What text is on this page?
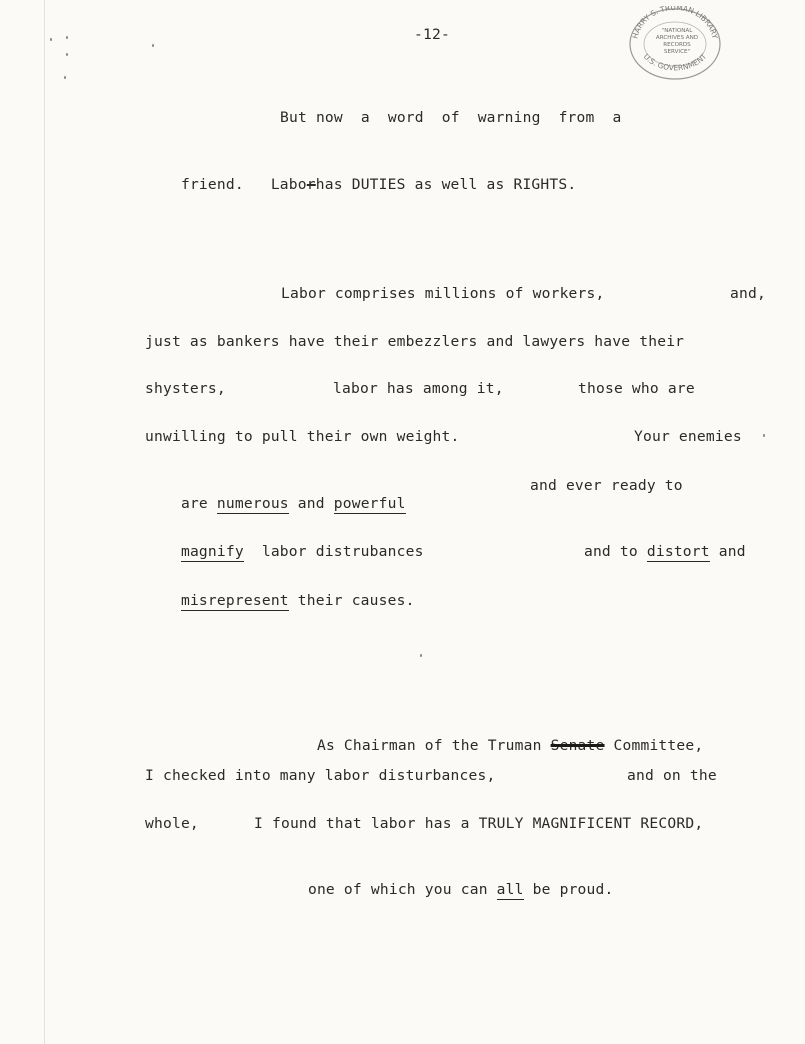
-12-	HARRY S. TRUMAN LIBRARY
U.S. GOVERNMENT
"NATIONAL
ARCHIVES AND
RECORDS
SERVICE"
But now  a  word  of  warning  from  a

friend.   Laborhas DUTIES as well as RIGHTS.

Labor comprises millions of workers,	and,
just as bankers have their embezzlers and lawyers have their
shysters,	labor has among it,	those who are
unwilling to pull their own weight.	Your enemies

are numerous and powerful

and ever ready to

magnify  labor distrubances
	and to distort and

misrepresent their causes.

As Chairman of the Truman Senate Committee,

I checked into many labor disturbances,	and on the
whole,	I found that labor has a TRULY MAGNIFICENT RECORD,

one of which you can all be proud.
